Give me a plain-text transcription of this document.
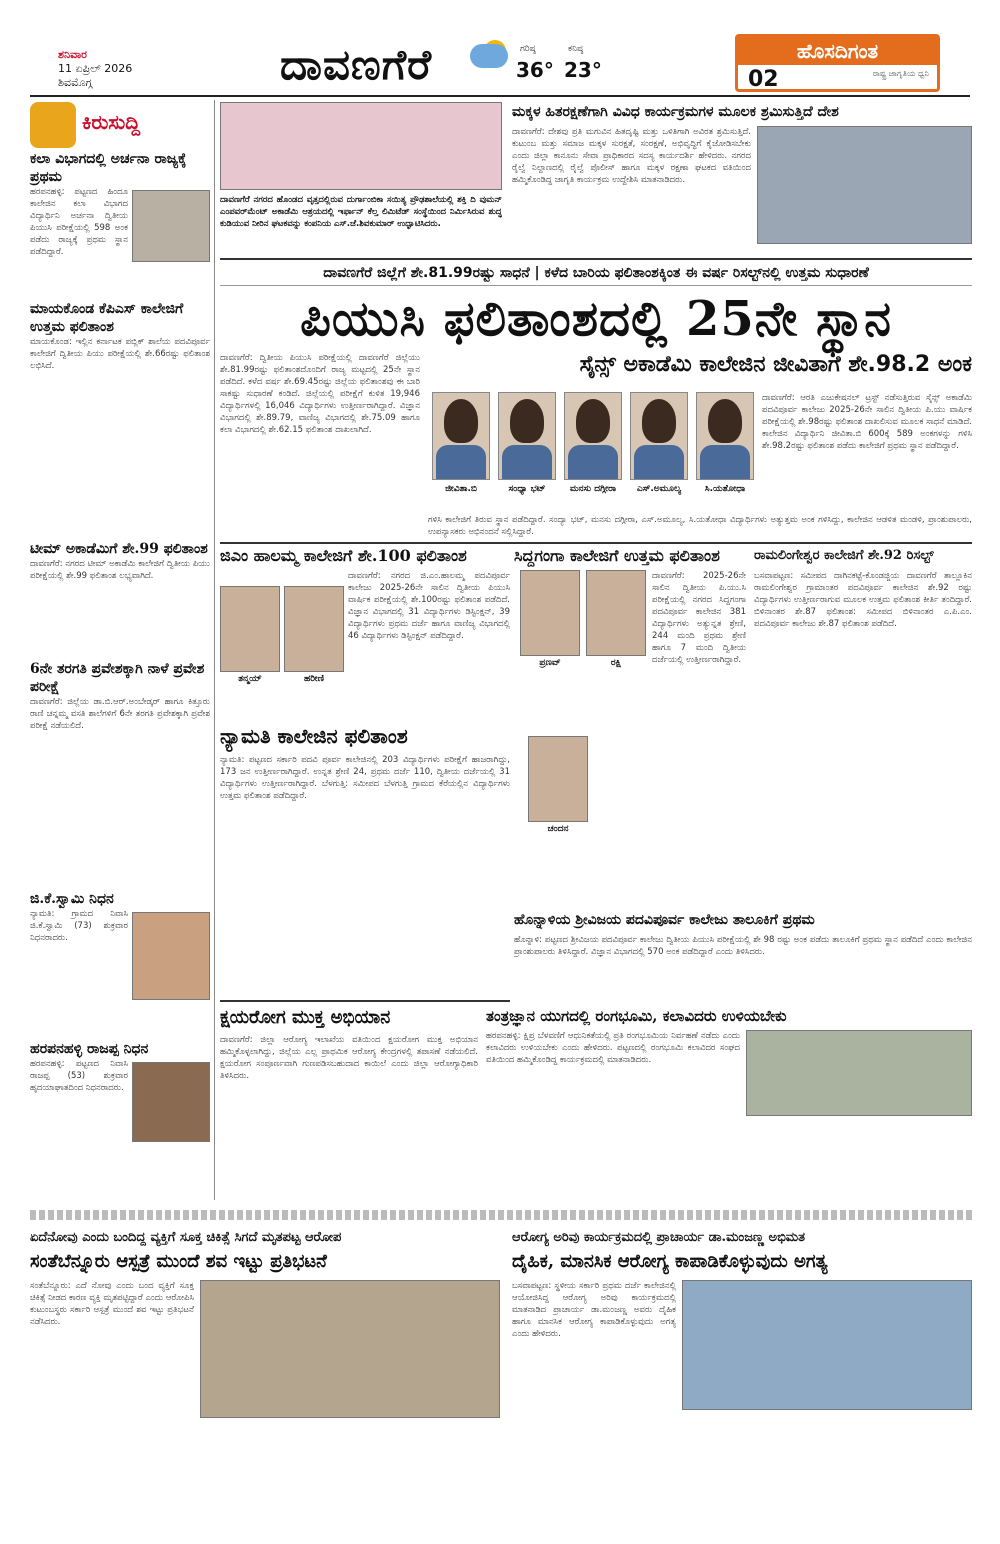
ಶನಿವಾರ
11 ಏಪ್ರಿಲ್ 2026
ಶಿವಮೊಗ್ಗ	ದಾವಣಗೆರೆ	ಗರಿಷ್ಠ
36°
ಕನಿಷ್ಠ
23°
ಹೊಸದಿಗಂತ
02	ರಾಷ್ಟ್ರ ಜಾಗೃತಿಯ ಧ್ವನಿ
ಕಿರುಸುದ್ದಿ
ಕಲಾ ವಿಭಾಗದಲ್ಲಿ ಅರ್ಚನಾ ರಾಜ್ಯಕ್ಕೆ ಪ್ರಥಮ
ಹರಪನಹಳ್ಳಿ: ಪಟ್ಟಣದ ಹಿಂದೂ ಕಾಲೇಜಿನ ಕಲಾ ವಿಭಾಗದ ವಿದ್ಯಾರ್ಥಿನಿ ಅರ್ಚನಾ ದ್ವಿತೀಯ ಪಿಯುಸಿ ಪರೀಕ್ಷೆಯಲ್ಲಿ 598 ಅಂಕ ಪಡೆದು ರಾಜ್ಯಕ್ಕೆ ಪ್ರಥಮ ಸ್ಥಾನ ಪಡೆದಿದ್ದಾರೆ.
ಮಾಯಕೊಂಡ ಕೆಪಿಎಸ್ ಕಾಲೇಜಿಗೆ ಉತ್ತಮ ಫಲಿತಾಂಶ
ಮಾಯಕೊಂಡ: ಇಲ್ಲಿನ ಕರ್ನಾಟಕ ಪಬ್ಲಿಕ್ ಶಾಲೆಯ ಪದವಿಪೂರ್ವ ಕಾಲೇಜಿಗೆ ದ್ವಿತೀಯ ಪಿಯು ಪರೀಕ್ಷೆಯಲ್ಲಿ ಶೇ.66ರಷ್ಟು ಫಲಿತಾಂಶ ಲಭಿಸಿದೆ.
ಟೀಮ್ ಅಕಾಡೆಮಿಗೆ ಶೇ.99 ಫಲಿತಾಂಶ
ದಾವಣಗೆರೆ: ನಗರದ ಟೀಮ್ ಅಕಾಡೆಮಿ ಕಾಲೇಜಿಗೆ ದ್ವಿತೀಯ ಪಿಯು ಪರೀಕ್ಷೆಯಲ್ಲಿ ಶೇ.99 ಫಲಿತಾಂಶ ಲಭ್ಯವಾಗಿದೆ.
6ನೇ ತರಗತಿ ಪ್ರವೇಶಕ್ಕಾಗಿ ನಾಳೆ ಪ್ರವೇಶ ಪರೀಕ್ಷೆ
ದಾವಣಗೆರೆ: ಜಿಲ್ಲೆಯ ಡಾ.ಬಿ.ಆರ್.ಅಂಬೇಡ್ಕರ್ ಹಾಗೂ ಕಿತ್ತೂರು ರಾಣಿ ಚನ್ನಮ್ಮ ವಸತಿ ಶಾಲೆಗಳಿಗೆ 6ನೇ ತರಗತಿ ಪ್ರವೇಶಕ್ಕಾಗಿ ಪ್ರವೇಶ ಪರೀಕ್ಷೆ ನಡೆಯಲಿದೆ.
ಜಿ.ಕೆ.ಸ್ವಾಮಿ ನಿಧನ
ನ್ಯಾಮತಿ: ಗ್ರಾಮದ ನಿವಾಸಿ ಜಿ.ಕೆ.ಸ್ವಾಮಿ (73) ಶುಕ್ರವಾರ ನಿಧನರಾದರು.
ಹರಪನಹಳ್ಳಿ ರಾಜಪ್ಪ ನಿಧನ
ಹರಪನಹಳ್ಳಿ: ಪಟ್ಟಣದ ನಿವಾಸಿ ರಾಜಪ್ಪ (53) ಶುಕ್ರವಾರ ಹೃದಯಾಘಾತದಿಂದ ನಿಧನರಾದರು.
ದಾವಣಗೆರೆ ನಗರದ ಹೊಂಡದ ವೃತ್ತದಲ್ಲಿರುವ ದುರ್ಗಾಂಬಿಕಾ ಸಯಿತ್ಯ ಪ್ರೌಢಶಾಲೆಯಲ್ಲಿ ಶಕ್ತಿ ದಿ ವುಮನ್ ಎಂಪವರ್‌ಮೆಂಟ್ ಅಕಾಡೆಮಿ ಆಶ್ರಯದಲ್ಲಿ ಇರ್ಫಾನ್ ಕೆಲ್ತ ಲಿಮಿಟೆಡ್ ಸಂಸ್ಥೆಯಿಂದ ನಿರ್ಮಿಸಿರುವ ಶುದ್ಧ ಕುಡಿಯುವ ನೀರಿನ ಘಟಕವನ್ನು ಕಂಪನಿಯ ಎಸ್.ಜೆ.ಶಿವಕುಮಾರ್ ಉದ್ಘಾಟಿಸಿದರು.
ಮಕ್ಕಳ ಹಿತರಕ್ಷಣೆಗಾಗಿ ವಿವಿಧ ಕಾರ್ಯಕ್ರಮಗಳ ಮೂಲಕ ಶ್ರಮಿಸುತ್ತಿದೆ ದೇಶ
ದಾವಣಗೆರೆ: ದೇಶವು ಪ್ರತಿ ಮಗುವಿನ ಹಿತದೃಷ್ಟಿ ಮತ್ತು ಒಳಿತಿಗಾಗಿ ಅವಿರತ ಶ್ರಮಿಸುತ್ತಿದೆ. ಕುಟುಂಬ ಮತ್ತು ಸಮಾಜ ಮಕ್ಕಳ ಸುರಕ್ಷತೆ, ಸಂರಕ್ಷಣೆ, ಅಭಿವೃದ್ಧಿಗೆ ಕೈಜೋಡಿಸಬೇಕು ಎಂದು ಜಿಲ್ಲಾ ಕಾನೂನು ಸೇವಾ ಪ್ರಾಧಿಕಾರದ ಸದಸ್ಯ ಕಾರ್ಯದರ್ಶಿ ಹೇಳಿದರು. ನಗರದ ರೈಲ್ವೆ ನಿಲ್ದಾಣದಲ್ಲಿ ರೈಲ್ವೆ ಪೊಲೀಸ್ ಹಾಗೂ ಮಕ್ಕಳ ರಕ್ಷಣಾ ಘಟಕದ ವತಿಯಿಂದ ಹಮ್ಮಿಕೊಂಡಿದ್ದ ಜಾಗೃತಿ ಕಾರ್ಯಕ್ರಮ ಉದ್ದೇಶಿಸಿ ಮಾತನಾಡಿದರು.
ದಾವಣಗೆರೆ ಜಿಲ್ಲೆಗೆ ಶೇ.81.99ರಷ್ಟು ಸಾಧನೆ | ಕಳೆದ ಬಾರಿಯ ಫಲಿತಾಂಶಕ್ಕಿಂತ ಈ ವರ್ಷ ರಿಸಲ್ಟ್‌ನಲ್ಲಿ ಉತ್ತಮ ಸುಧಾರಣೆ
ಪಿಯುಸಿ ಫಲಿತಾಂಶದಲ್ಲಿ 25ನೇ ಸ್ಥಾನ
ಸೈನ್ಸ್ ಅಕಾಡೆಮಿ ಕಾಲೇಜಿನ ಜೀವಿತಾಗೆ ಶೇ.98.2 ಅಂಕ
ದಾವಣಗೆರೆ: ದ್ವಿತೀಯ ಪಿಯುಸಿ ಪರೀಕ್ಷೆಯಲ್ಲಿ ದಾವಣಗೆರೆ ಜಿಲ್ಲೆಯು ಶೇ.81.99ರಷ್ಟು ಫಲಿತಾಂಶದೊಂದಿಗೆ ರಾಜ್ಯ ಮಟ್ಟದಲ್ಲಿ 25ನೇ ಸ್ಥಾನ ಪಡೆದಿದೆ. ಕಳೆದ ವರ್ಷ ಶೇ.69.45ರಷ್ಟು ಜಿಲ್ಲೆಯ ಫಲಿತಾಂಶವು ಈ ಬಾರಿ ಸಾಕಷ್ಟು ಸುಧಾರಣೆ ಕಂಡಿದೆ. ಜಿಲ್ಲೆಯಲ್ಲಿ ಪರೀಕ್ಷೆಗೆ ಕುಳಿತ 19,946 ವಿದ್ಯಾರ್ಥಿಗಳಲ್ಲಿ 16,046 ವಿದ್ಯಾರ್ಥಿಗಳು ಉತ್ತೀರ್ಣರಾಗಿದ್ದಾರೆ. ವಿಜ್ಞಾನ ವಿಭಾಗದಲ್ಲಿ ಶೇ.89.79, ವಾಣಿಜ್ಯ ವಿಭಾಗದಲ್ಲಿ ಶೇ.75.09 ಹಾಗೂ ಕಲಾ ವಿಭಾಗದಲ್ಲಿ ಶೇ.62.15 ಫಲಿತಾಂಶ ದಾಖಲಾಗಿದೆ.
ಜೀವಿತಾ.ಬಿ	ಸಂಧ್ಯಾ ಭಟ್	ಮನಸು ದಗ್ಗೀರಾ	ಎಸ್.ಅಮೂಲ್ಯ	ಸಿ.ಯತೋಧಾ
ದಾವಣಗೆರೆ: ಆರತಿ ಎಜುಕೇಷನಲ್ ಟ್ರಸ್ಟ್ ನಡೆಸುತ್ತಿರುವ ಸೈನ್ಸ್ ಅಕಾಡೆಮಿ ಪದವಿಪೂರ್ವ ಕಾಲೇಜು 2025-26ನೇ ಸಾಲಿನ ದ್ವಿತೀಯ ಪಿ.ಯು ವಾರ್ಷಿಕ ಪರೀಕ್ಷೆಯಲ್ಲಿ ಶೇ.98ರಷ್ಟು ಫಲಿತಾಂಶ ದಾಖಲಿಸುವ ಮೂಲಕ ಸಾಧನೆ ಮಾಡಿದೆ. ಕಾಲೇಜಿನ ವಿದ್ಯಾರ್ಥಿನಿ ಜೀವಿತಾ.ಬಿ 600ಕ್ಕೆ 589 ಅಂಕಗಳನ್ನು ಗಳಿಸಿ ಶೇ.98.2ರಷ್ಟು ಫಲಿತಾಂಶ ಪಡೆದು ಕಾಲೇಜಿಗೆ ಪ್ರಥಮ ಸ್ಥಾನ ಪಡೆದಿದ್ದಾರೆ.
ಗಳಿಸಿ ಕಾಲೇಜಿಗೆ ತಿರುವ ಸ್ಥಾನ ಪಡೆದಿದ್ದಾರೆ. ಸಂದ್ಯಾ ಭಟ್, ಮನಸು ದಗ್ಗೀರಾ, ಎಸ್.ಅಮೂಲ್ಯ, ಸಿ.ಯತೋಧಾ ವಿದ್ಯಾರ್ಥಿಗಳು ಅತ್ಯುತ್ತಮ ಅಂಕ ಗಳಿಸಿದ್ದು, ಕಾಲೇಜಿನ ಆಡಳಿತ ಮಂಡಳಿ, ಪ್ರಾಂಶುಪಾಲರು, ಉಪನ್ಯಾಸಕರು ಅಭಿನಂದನೆ ಸಲ್ಲಿಸಿದ್ದಾರೆ.
ಜಿಎಂ ಹಾಲಮ್ಮ ಕಾಲೇಜಿಗೆ ಶೇ.100 ಫಲಿತಾಂಶ
ದಾವಣಗೆರೆ: ನಗರದ ಜಿ.ಎಂ.ಹಾಲಮ್ಮ ಪದವಿಪೂರ್ವ ಕಾಲೇಜು 2025-26ನೇ ಸಾಲಿನ ದ್ವಿತೀಯ ಪಿಯುಸಿ ವಾರ್ಷಿಕ ಪರೀಕ್ಷೆಯಲ್ಲಿ ಶೇ.100ರಷ್ಟು ಫಲಿತಾಂಶ ಪಡೆದಿದೆ. ವಿಜ್ಞಾನ ವಿಭಾಗದಲ್ಲಿ 31 ವಿದ್ಯಾರ್ಥಿಗಳು ಡಿಸ್ಟಿಂಕ್ಷನ್, 39 ವಿದ್ಯಾರ್ಥಿಗಳು ಪ್ರಥಮ ದರ್ಜೆ ಹಾಗೂ ವಾಣಿಜ್ಯ ವಿಭಾಗದಲ್ಲಿ 46 ವಿದ್ಯಾರ್ಥಿಗಳು ಡಿಸ್ಟಿಂಕ್ಷನ್ ಪಡೆದಿದ್ದಾರೆ.
ತನ್ಮಯ್	ಹರೀಣಿ
ಸಿದ್ದಗಂಗಾ ಕಾಲೇಜಿಗೆ ಉತ್ತಮ ಫಲಿತಾಂಶ
ಪ್ರಣವ್	ರಕ್ಷಿ
ಚಂದನ
ದಾವಣಗೆರೆ: 2025-26ನೇ ಸಾಲಿನ ದ್ವಿತೀಯ ಪಿ.ಯು.ಸಿ ಪರೀಕ್ಷೆಯಲ್ಲಿ ನಗರದ ಸಿದ್ದಗಂಗಾ ಪದವಿಪೂರ್ವ ಕಾಲೇಜಿನ 381 ವಿದ್ಯಾರ್ಥಿಗಳು ಅತ್ಯುನ್ನತ ಶ್ರೇಣಿ, 244 ಮಂದಿ ಪ್ರಥಮ ಶ್ರೇಣಿ ಹಾಗೂ 7 ಮಂದಿ ದ್ವಿತೀಯ ದರ್ಜೆಯಲ್ಲಿ ಉತ್ತೀರ್ಣರಾಗಿದ್ದಾರೆ.
ರಾಮಲಿಂಗೇಶ್ವರ ಕಾಲೇಜಿಗೆ ಶೇ.92 ರಿಸಲ್ಟ್
ಬಸವಾಪಟ್ಟಣ: ಸಮೀಪದ ದಾಗಿನಕಟ್ಟೆ-ಕೊಂಡಜ್ಜಿಯ ದಾವಣಗೆರೆ ತಾಲ್ಲೂಕಿನ ರಾಮಲಿಂಗೇಶ್ವರ ಗ್ರಾಮಾಂತರ ಪದವಿಪೂರ್ವ ಕಾಲೇಜಿನ ಶೇ.92 ರಷ್ಟು ವಿದ್ಯಾರ್ಥಿಗಳು ಉತ್ತೀರ್ಣರಾಗುವ ಮೂಲಕ ಉತ್ತಮ ಫಲಿತಾಂಶ ಕೀರ್ತಿ ತಂದಿದ್ದಾರೆ. ಬಿಳಿನಾಂತರ ಶೇ.87 ಫಲಿತಾಂಶ: ಸಮೀಪದ ಬಿಳಿನಾಂತರ ಎ.ಪಿ.ಎಂ. ಪದವಿಪೂರ್ವ ಕಾಲೇಜು ಶೇ.87 ಫಲಿತಾಂಶ ಪಡೆದಿದೆ.
ನ್ಯಾಮತಿ ಕಾಲೇಜಿನ ಫಲಿತಾಂಶ
ನ್ಯಾಮತಿ: ಪಟ್ಟಣದ ಸರ್ಕಾರಿ ಪದವಿ ಪೂರ್ವ ಕಾಲೇಜಿನಲ್ಲಿ 203 ವಿದ್ಯಾರ್ಥಿಗಳು ಪರೀಕ್ಷೆಗೆ ಹಾಜರಾಗಿದ್ದು, 173 ಜನ ಉತ್ತೀರ್ಣರಾಗಿದ್ದಾರೆ. ಉನ್ನತ ಶ್ರೇಣಿ 24, ಪ್ರಥಮ ದರ್ಜೆ 110, ದ್ವಿತೀಯ ದರ್ಜೆಯಲ್ಲಿ 31 ವಿದ್ಯಾರ್ಥಿಗಳು ಉತ್ತೀರ್ಣರಾಗಿದ್ದಾರೆ. ಬೆಳಗುತ್ತಿ: ಸಮೀಪದ ಬೆಳಗುತ್ತಿ ಗ್ರಾಮದ ಕೆರೆಯಲ್ಲಿನ ವಿದ್ಯಾರ್ಥಿಗಳು ಉತ್ತಮ ಫಲಿತಾಂಶ ಪಡೆದಿದ್ದಾರೆ.
ಹೊನ್ನಾಳಿಯ ಶ್ರೀವಿಜಯ ಪದವಿಪೂರ್ವ ಕಾಲೇಜು ತಾಲೂಕಿಗೆ ಪ್ರಥಮ
ಹೊನ್ನಾಳಿ: ಪಟ್ಟಣದ ಶ್ರೀವಿಜಯ ಪದವಿಪೂರ್ವ ಕಾಲೇಜು ದ್ವಿತೀಯ ಪಿಯುಸಿ ಪರೀಕ್ಷೆಯಲ್ಲಿ ಶೇ 98 ರಷ್ಟು ಅಂಕ ಪಡೆದು ತಾಲೂಕಿಗೆ ಪ್ರಥಮ ಸ್ಥಾನ ಪಡೆದಿದೆ ಎಂದು ಕಾಲೇಜಿನ ಪ್ರಾಂಶುಪಾಲರು ತಿಳಿಸಿದ್ದಾರೆ. ವಿಜ್ಞಾನ ವಿಭಾಗದಲ್ಲಿ 570 ಅಂಕ ಪಡೆದಿದ್ದಾರೆ ಎಂದು ತಿಳಿಸಿದರು.
ಕ್ಷಯರೋಗ ಮುಕ್ತ ಅಭಿಯಾನ
ದಾವಣಗೆರೆ: ಜಿಲ್ಲಾ ಆರೋಗ್ಯ ಇಲಾಖೆಯ ವತಿಯಿಂದ ಕ್ಷಯರೋಗ ಮುಕ್ತ ಅಭಿಯಾನ ಹಮ್ಮಿಕೊಳ್ಳಲಾಗಿದ್ದು, ಜಿಲ್ಲೆಯ ಎಲ್ಲ ಪ್ರಾಥಮಿಕ ಆರೋಗ್ಯ ಕೇಂದ್ರಗಳಲ್ಲಿ ತಪಾಸಣೆ ನಡೆಯಲಿದೆ. ಕ್ಷಯರೋಗ ಸಂಪೂರ್ಣವಾಗಿ ಗುಣಪಡಿಸಬಹುದಾದ ಕಾಯಿಲೆ ಎಂದು ಜಿಲ್ಲಾ ಆರೋಗ್ಯಾಧಿಕಾರಿ ತಿಳಿಸಿದರು.
ತಂತ್ರಜ್ಞಾನ ಯುಗದಲ್ಲಿ ರಂಗಭೂಮಿ, ಕಲಾವಿದರು ಉಳಿಯಬೇಕು
ಹರಪನಹಳ್ಳಿ: ಕ್ಷಿಪ್ರ ಬೆಳವಣಿಗೆ ಆಧುನಿಕತೆಯಲ್ಲಿ ಪ್ರತಿ ರಂಗಭೂಮಿಯ ನಿರ್ವಹಣೆ ನಡೆದು ಎಂದು ಕಲಾವಿದರು ಉಳಿಯಬೇಕು ಎಂದು ಹೇಳಿದರು. ಪಟ್ಟಣದಲ್ಲಿ ರಂಗಭೂಮಿ ಕಲಾವಿದರ ಸಂಘದ ವತಿಯಿಂದ ಹಮ್ಮಿಕೊಂಡಿದ್ದ ಕಾರ್ಯಕ್ರಮದಲ್ಲಿ ಮಾತನಾಡಿದರು.
ಏದೆನೋವು ಎಂದು ಬಂದಿದ್ದ ವ್ಯಕ್ತಿಗೆ ಸೂಕ್ತ ಚಿಕಿತ್ಸೆ ಸಿಗದೆ ಮೃತಪಟ್ಟ ಆರೋಪ
ಸಂತೆಬೆನ್ನೂರು ಆಸ್ಪತ್ರೆ ಮುಂದೆ ಶವ ಇಟ್ಟು ಪ್ರತಿಭಟನೆ
ಸಂತೆಬೆನ್ನೂರು: ಎದೆ ನೋವು ಎಂದು ಬಂದ ವ್ಯಕ್ತಿಗೆ ಸೂಕ್ತ ಚಿಕಿತ್ಸೆ ನೀಡದ ಕಾರಣ ವ್ಯಕ್ತಿ ಮೃತಪಟ್ಟಿದ್ದಾರೆ ಎಂದು ಆರೋಪಿಸಿ ಕುಟುಂಬಸ್ಥರು ಸರ್ಕಾರಿ ಆಸ್ಪತ್ರೆ ಮುಂದೆ ಶವ ಇಟ್ಟು ಪ್ರತಿಭಟನೆ ನಡೆಸಿದರು.
ಆರೋಗ್ಯ ಅರಿವು ಕಾರ್ಯಕ್ರಮದಲ್ಲಿ ಪ್ರಾಚಾರ್ಯ ಡಾ.ಮಂಜಣ್ಣ ಅಭಿಮತ
ದೈಹಿಕ, ಮಾನಸಿಕ ಆರೋಗ್ಯ ಕಾಪಾಡಿಕೊಳ್ಳುವುದು ಅಗತ್ಯ
ಬಸವಾಪಟ್ಟಣ: ಸ್ಥಳೀಯ ಸರ್ಕಾರಿ ಪ್ರಥಮ ದರ್ಜೆ ಕಾಲೇಜಿನಲ್ಲಿ ಆಯೋಜಿಸಿದ್ದ ಆರೋಗ್ಯ ಅರಿವು ಕಾರ್ಯಕ್ರಮದಲ್ಲಿ ಮಾತನಾಡಿದ ಪ್ರಾಚಾರ್ಯ ಡಾ.ಮಂಜಣ್ಣ ಅವರು ದೈಹಿಕ ಹಾಗೂ ಮಾನಸಿಕ ಆರೋಗ್ಯ ಕಾಪಾಡಿಕೊಳ್ಳುವುದು ಅಗತ್ಯ ಎಂದು ಹೇಳಿದರು.
